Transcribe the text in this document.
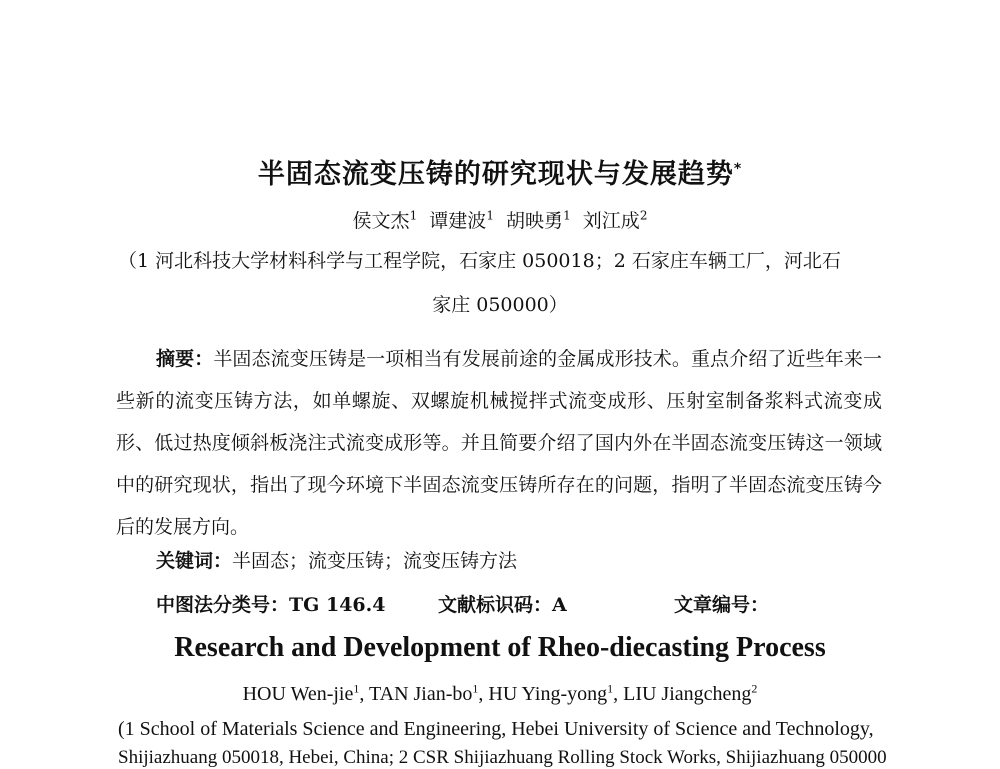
半固态流变压铸的研究现状与发展趋势*
侯文杰$^1$ 谭建波$^1$ 胡映勇$^1$ 刘江成$^2$
（1 河北科技大学材料科学与工程学院，石家庄 050018；2 石家庄车辆工厂，河北石
家庄 050000）
摘要：半固态流变压铸是一项相当有发展前途的金属成形技术。重点介绍了近些年来一些新的流变压铸方法，如单螺旋、双螺旋机械搅拌式流变成形、压射室制备浆料式流变成形、低过热度倾斜板浇注式流变成形等。并且简要介绍了国内外在半固态流变压铸这一领域中的研究现状，指出了现今环境下半固态流变压铸所存在的问题，指明了半固态流变压铸今后的发展方向。
关键词：半固态；流变压铸；流变压铸方法
中图法分类号：TG 146.4	文献标识码：A	文章编号：
Research and Development of Rheo-diecasting Process
HOU Wen-jie$^1$, TAN Jian-$bo^1$, HU Ying-yong$^1$, LIU Jiangcheng$^2$
(1 School of Materials Science and Engineering, Hebei University of Science and Technology,
Shijiazhuang 050018, Hebei, China; 2 CSR Shijiazhuang Rolling Stock Works, Shijiazhuang 050000
